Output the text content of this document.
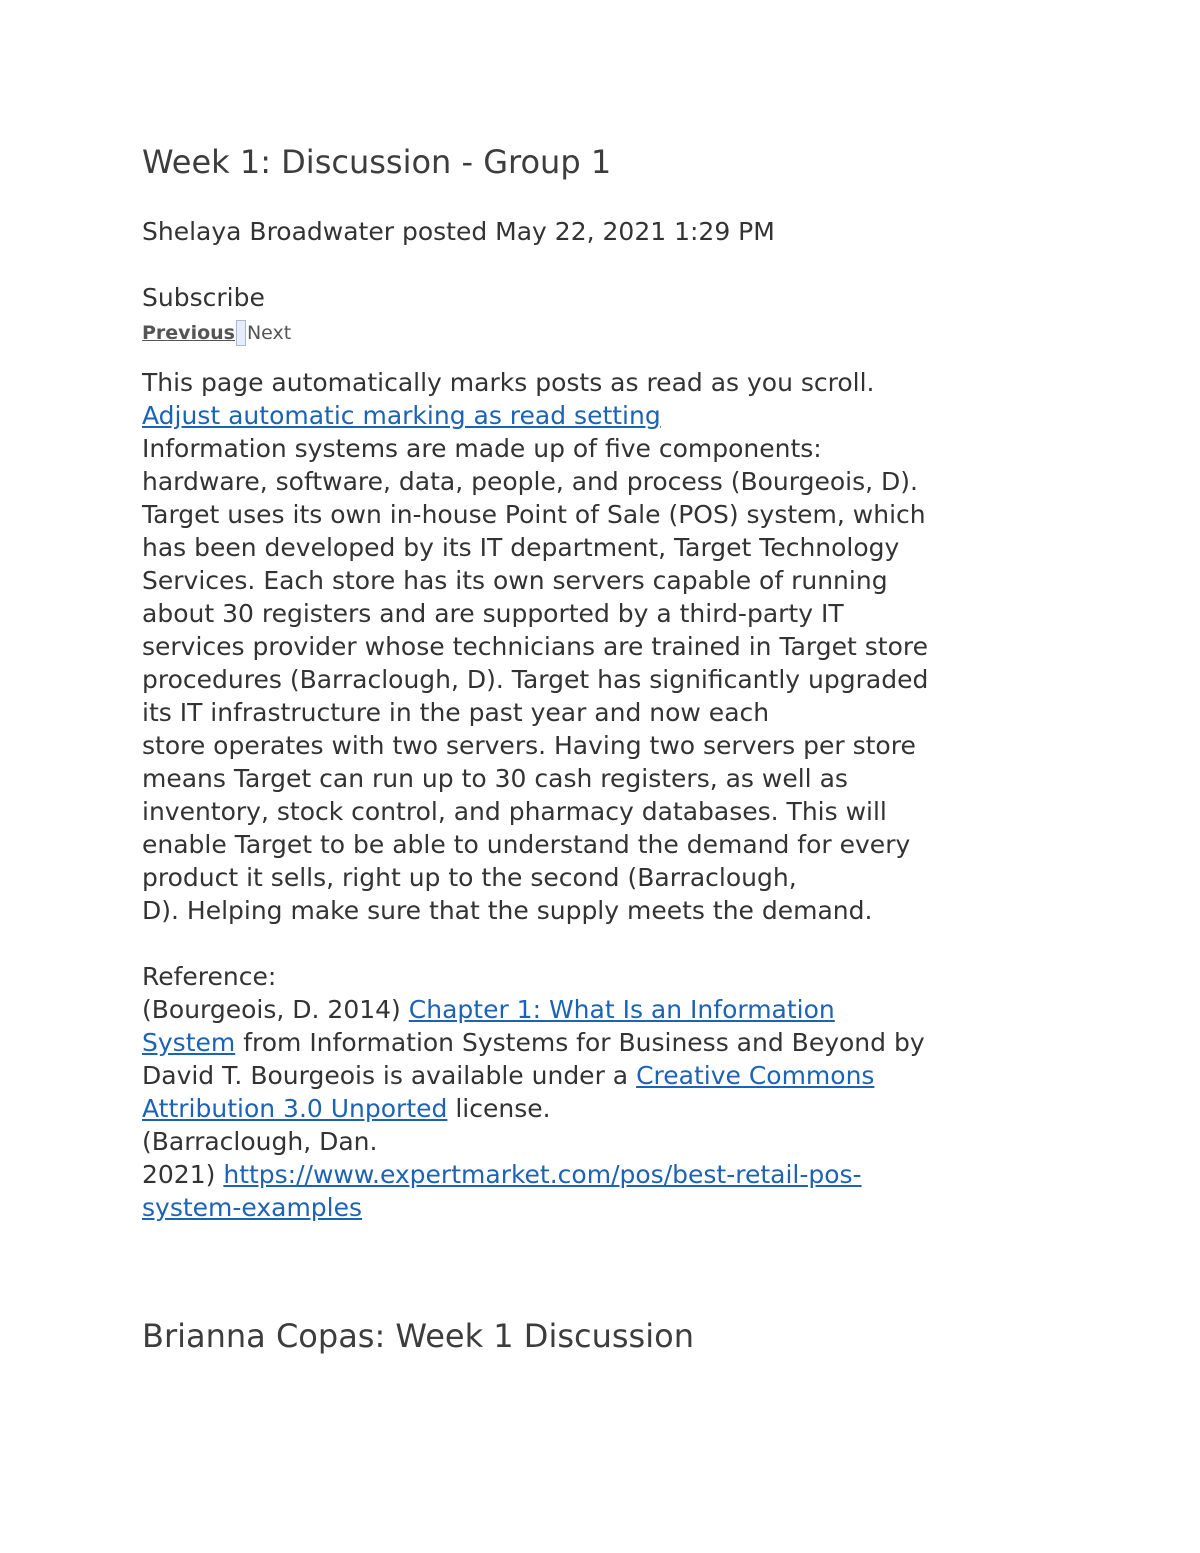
Week 1: Discussion - Group 1
Shelaya Broadwater posted May 22, 2021 1:29 PM
Subscribe
Previous Next

This page automatically marks posts as read as you scroll.

Adjust automatic marking as read setting

Information systems are made up of five components:

hardware, software, data, people, and process (Bourgeois, D).

Target uses its own in-house Point of Sale (POS) system, which

has been developed by its IT department, Target Technology

Services. Each store has its own servers capable of running

about 30 registers and are supported by a third-party IT

services provider whose technicians are trained in Target store

procedures (Barraclough, D). Target has significantly upgraded

its IT infrastructure in the past year and now each

store operates with two servers. Having two servers per store

means Target can run up to 30 cash registers, as well as

inventory, stock control, and pharmacy databases. This will

enable Target to be able to understand the demand for every

product it sells, right up to the second (Barraclough,

D). Helping make sure that the supply meets the demand.

Reference:

(Bourgeois, D. 2014) Chapter 1: What Is an Information

System from Information Systems for Business and Beyond by

David T. Bourgeois is available under a Creative Commons

Attribution 3.0 Unported license.

(Barraclough, Dan.

2021) https://www.expertmarket.com/pos/best-retail-pos-

system-examples

Brianna Copas: Week 1 Discussion
